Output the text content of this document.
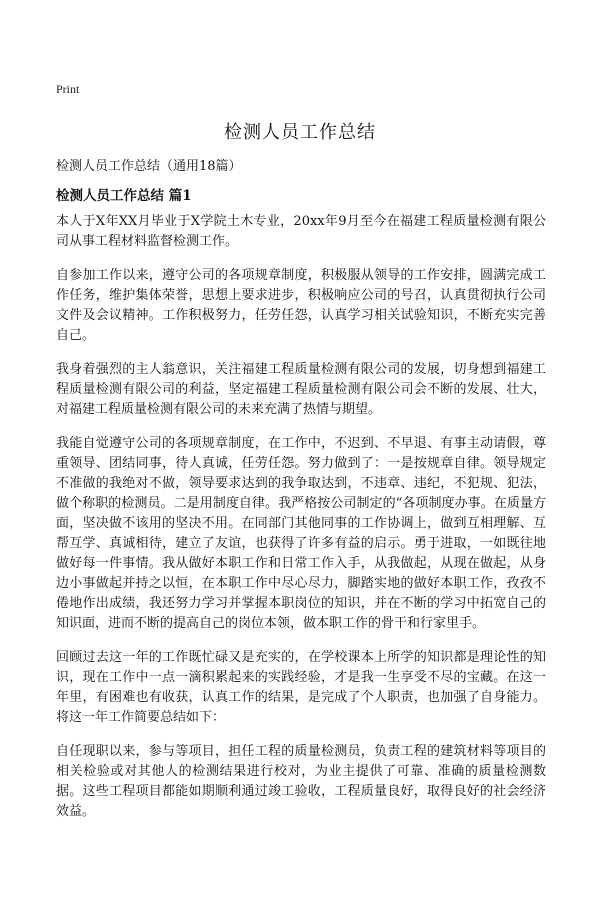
Print
检测人员工作总结
检测人员工作总结（通用18篇）
检测人员工作总结 篇1

本人于X年XX月毕业于X学院土木专业，20xx年9月至今在福建工程质量检测有限公司从事工程材料监督检测工作。

自参加工作以来，遵守公司的各项规章制度，积极服从领导的工作安排，圆满完成工作任务，维护集体荣誉，思想上要求进步，积极响应公司的号召，认真贯彻执行公司文件及会议精神。工作积极努力，任劳任怨，认真学习相关试验知识，不断充实完善自己。

我身着强烈的主人翁意识，关注福建工程质量检测有限公司的发展，切身想到福建工程质量检测有限公司的利益，坚定福建工程质量检测有限公司会不断的发展、壮大，对福建工程质量检测有限公司的未来充满了热情与期望。

我能自觉遵守公司的各项规章制度，在工作中，不迟到、不早退、有事主动请假，尊重领导、团结同事，待人真诚，任劳任怨。努力做到了：一是按规章自律。领导规定不准做的我绝对不做，领导要求达到的我争取达到，不违章、违纪，不犯规、犯法，做个称职的检测员。二是用制度自律。我严格按公司制定的“各项制度办事。在质量方面，坚决做不该用的坚决不用。在同部门其他同事的工作协调上，做到互相理解、互帮互学、真诚相待，建立了友谊，也获得了许多有益的启示。勇于进取，一如既往地做好每一件事情。我从做好本职工作和日常工作入手，从我做起，从现在做起，从身边小事做起并持之以恒，在本职工作中尽心尽力，脚踏实地的做好本职工作，孜孜不倦地作出成绩，我还努力学习并掌握本职岗位的知识，并在不断的学习中拓宽自己的知识面，进而不断的提高自己的岗位本领，做本职工作的骨干和行家里手。

回顾过去这一年的工作既忙碌又是充实的，在学校课本上所学的知识都是理论性的知识，现在工作中一点一滴积累起来的实践经验，才是我一生享受不尽的宝藏。在这一年里，有困难也有收获，认真工作的结果，是完成了个人职责，也加强了自身能力。将这一年工作简要总结如下：

自任现职以来，参与等项目，担任工程的质量检测员，负责工程的建筑材料等项目的相关检验或对其他人的检测结果进行校对，为业主提供了可靠、准确的质量检测数据。这些工程项目都能如期顺利通过竣工验收，工程质量良好，取得良好的社会经济效益。
